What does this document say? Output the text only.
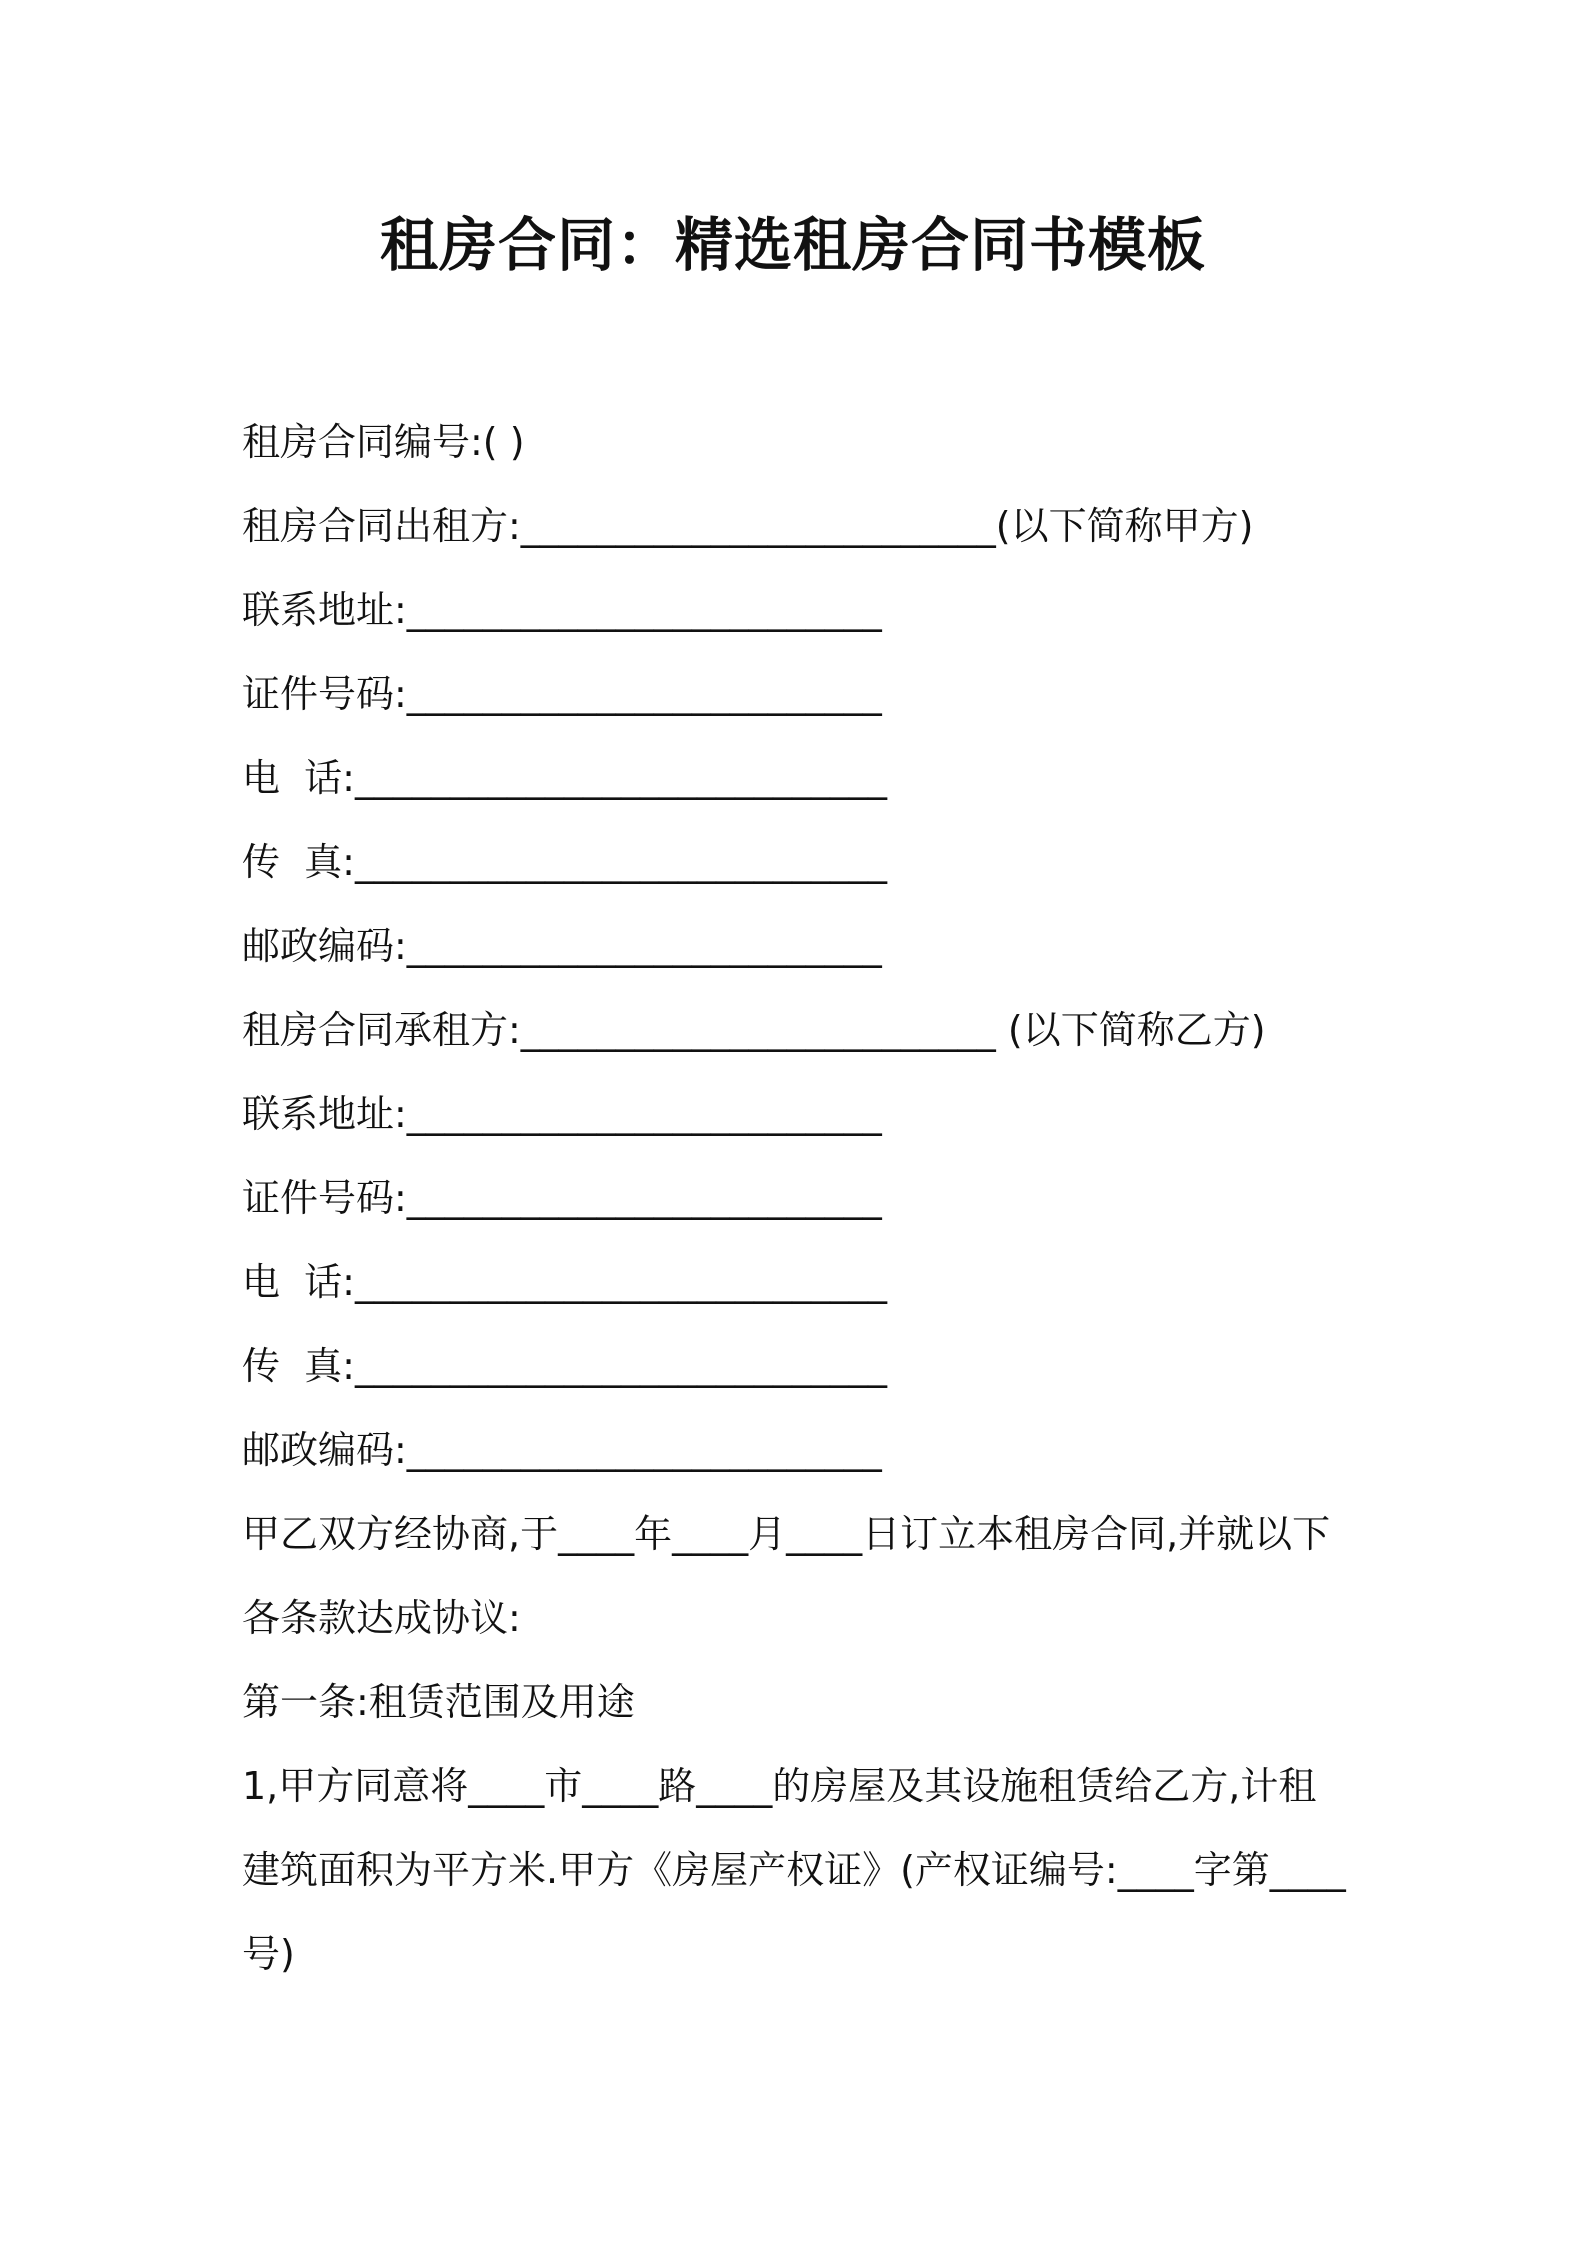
租房合同：精选租房合同书模板

租房合同编号:( )

租房合同出租方:_________________________(以下简称甲方)

联系地址:_________________________

证件号码:_________________________

电  话:____________________________

传  真:____________________________

邮政编码:_________________________

租房合同承租方:_________________________ (以下简称乙方)

联系地址:_________________________

证件号码:_________________________

电  话:____________________________

传  真:____________________________

邮政编码:_________________________

甲乙双方经协商,于____年____月____日订立本租房合同,并就以下

各条款达成协议:

第一条:租赁范围及用途

1,甲方同意将____市____路____的房屋及其设施租赁给乙方,计租

建筑面积为平方米.甲方《房屋产权证》(产权证编号:____字第____

号)
